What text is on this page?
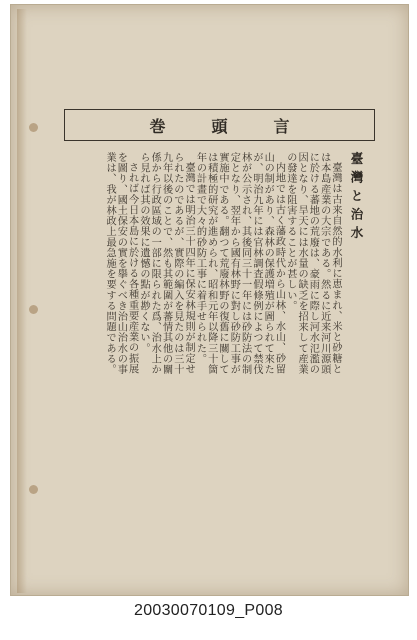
巻頭言
臺灣と治水

臺灣は古来自然的水利に恵まれ、米と砂糖とは本島産業の大宗である。然るに近来河川源頭に於ける蕃地の荒廢は、豪雨に際し河水氾濫の因となり、旱天には水量の缺乏を招来して産業の發達を阻害することが甚しい。

内地では古く藩政時代から山林、水山、砂留山の制があり、森林の保護増殖が圖られて來たが、明治九年には官林調査假條例によつて禁伐林が公示され、其後同三十一年には砂防法の制定となり、翌年から國有林野に對し砂防工事が實施中である。翻つて荒廢林野の復舊に關しては積極的研究が進められ、昭和元年以降三十箇年の計畫で大々的砂防工事に着手せられた。

臺灣では明治三十四年に保安林規則が制定せられたのであるが、實際の編入を見たのは三十九年以後のことで、然も其範圍が蕃情其他の關係から行政區域の一部に限られた爲、治水上から見れば其の效果に遺憾の點が尠くない。

されば今日本島に於ける各種重要産業の振展を圖り、國土保安の實を擧ぐべき治山治水の事業は、我が林政上最急施を要する問題である。

20030070109_P008
